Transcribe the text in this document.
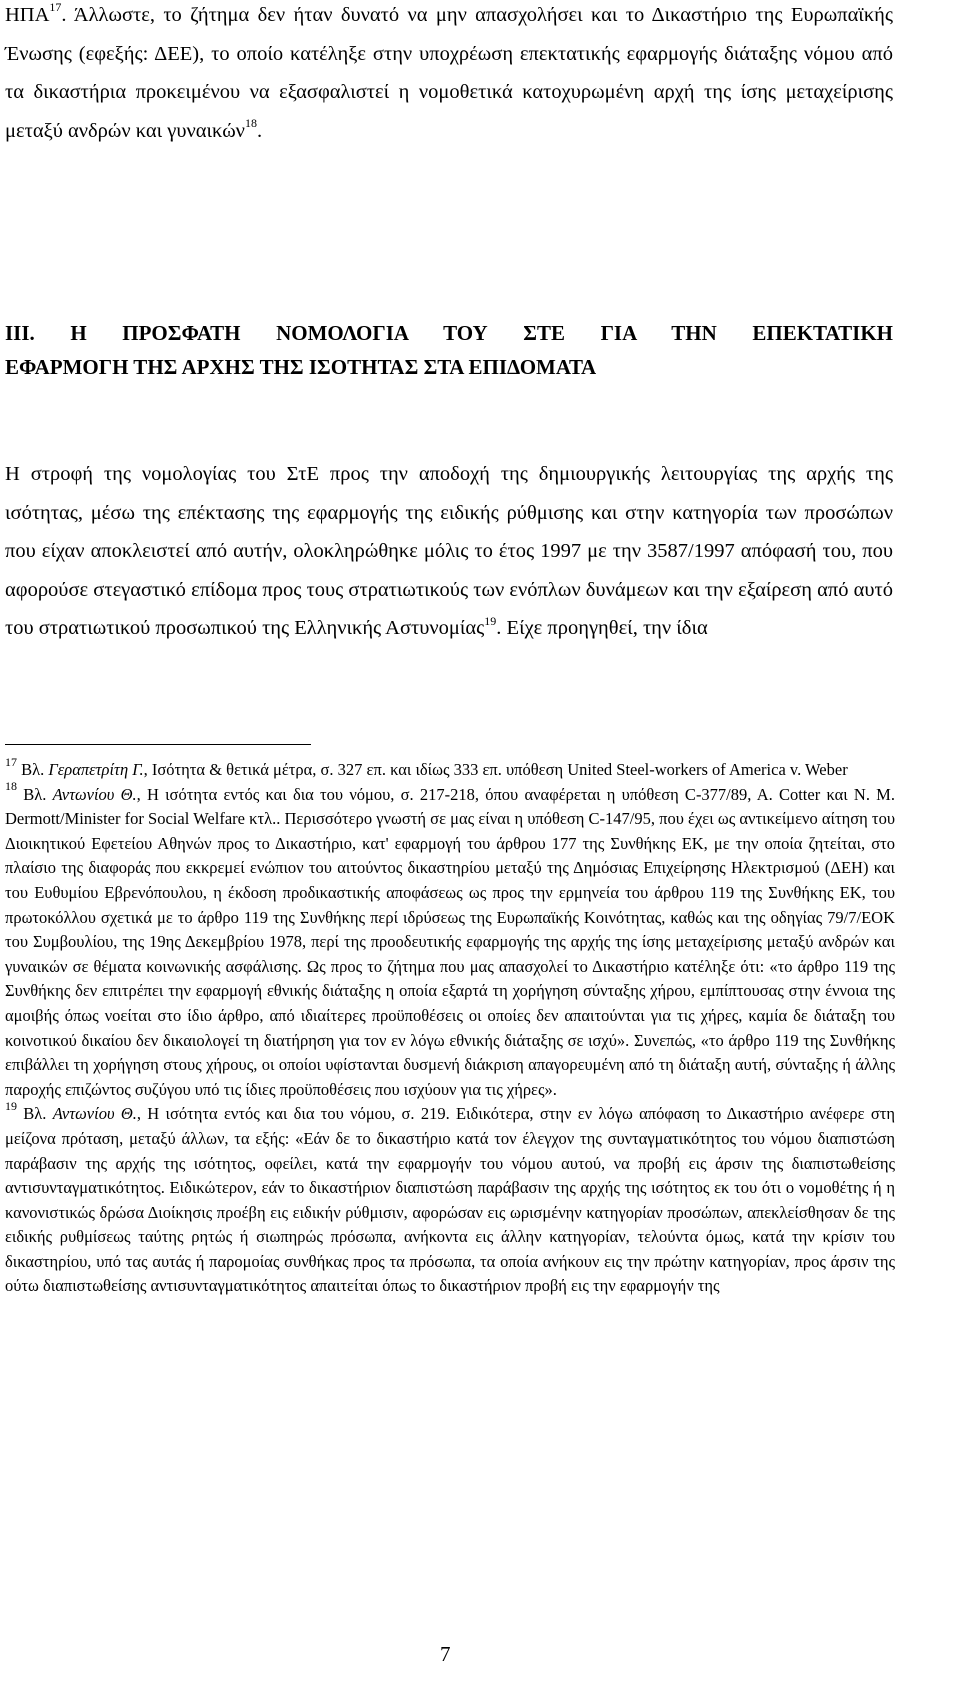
ΗΠΑ$^{17}$. Άλλωστε, το ζήτημα δεν ήταν δυνατό να μην απασχολήσει και το Δικαστήριο της Ευρωπαϊκής Ένωσης (εφεξής: ΔΕΕ), το οποίο κατέληξε στην υποχρέωση επεκτατικής εφαρμογής διάταξης νόμου από τα δικαστήρια προκειμένου να εξασφαλιστεί η νομοθετικά κατοχυρωμένη αρχή της ίσης μεταχείρισης μεταξύ ανδρών και γυναικών$^{18}$.

ΙΙΙ. Η ΠΡΟΣΦΑΤΗ ΝΟΜΟΛΟΓΙΑ ΤΟΥ ΣΤΕ ΓΙΑ ΤΗΝ ΕΠΕΚΤΑΤΙΚΗ
ΕΦΑΡΜΟΓΗ ΤΗΣ ΑΡΧΗΣ ΤΗΣ ΙΣΟΤΗΤΑΣ ΣΤΑ ΕΠΙΔΟΜΑΤΑ

Η στροφή της νομολογίας του ΣτΕ προς την αποδοχή της δημιουργικής λειτουργίας της αρχής της ισότητας, μέσω της επέκτασης της εφαρμογής της ειδικής ρύθμισης και στην κατηγορία των προσώπων που είχαν αποκλειστεί από αυτήν, ολοκληρώθηκε μόλις το έτος 1997 με την 3587/1997 απόφασή του, που αφορούσε στεγαστικό επίδομα προς τους στρατιωτικούς των ενόπλων δυνάμεων και την εξαίρεση από αυτό του στρατιωτικού προσωπικού της Ελληνικής Αστυνομίας$^{19}$. Είχε προηγηθεί, την ίδια

$^{17}$ Βλ. Γεραπετρίτη Γ., Ισότητα & θετικά μέτρα, σ. 327 επ. και ιδίως 333 επ. υπόθεση United Steel-workers of America v. Weber

$^{18}$ Βλ. Αντωνίου Θ., Η ισότητα εντός και δια του νόμου, σ. 217-218, όπου αναφέρεται η υπόθεση C-377/89, A. Cotter και N. M. Dermott/Minister for Social Welfare κτλ.. Περισσότερο γνωστή σε μας είναι η υπόθεση C-147/95, που έχει ως αντικείμενο αίτηση του Διοικητικού Εφετείου Αθηνών προς το Δικαστήριο, κατ' εφαρμογή του άρθρου 177 της Συνθήκης ΕΚ, με την οποία ζητείται, στο πλαίσιο της διαφοράς που εκκρεμεί ενώπιον του αιτούντος δικαστηρίου μεταξύ της Δημόσιας Επιχείρησης Ηλεκτρισμού (ΔΕΗ) και του Ευθυμίου Εβρενόπουλου, η έκδοση προδικαστικής αποφάσεως ως προς την ερμηνεία του άρθρου 119 της Συνθήκης ΕΚ, του πρωτοκόλλου σχετικά με το άρθρο 119 της Συνθήκης περί ιδρύσεως της Ευρωπαϊκής Κοινότητας, καθώς και της οδηγίας 79/7/ΕΟΚ του Συμβουλίου, της 19ης Δεκεμβρίου 1978, περί της προοδευτικής εφαρμογής της αρχής της ίσης μεταχείρισης μεταξύ ανδρών και γυναικών σε θέματα κοινωνικής ασφάλισης. Ως προς το ζήτημα που μας απασχολεί το Δικαστήριο κατέληξε ότι: «το άρθρο 119 της Συνθήκης δεν επιτρέπει την εφαρμογή εθνικής διάταξης η οποία εξαρτά τη χορήγηση σύνταξης χήρου, εμπίπτουσας στην έννοια της αμοιβής όπως νοείται στο ίδιο άρθρο, από ιδιαίτερες προϋποθέσεις οι οποίες δεν απαιτούνται για τις χήρες, καμία δε διάταξη του κοινοτικού δικαίου δεν δικαιολογεί τη διατήρηση για τον εν λόγω εθνικής διάταξης σε ισχύ». Συνεπώς, «το άρθρο 119 της Συνθήκης επιβάλλει τη χορήγηση στους χήρους, οι οποίοι υφίστανται δυσμενή διάκριση απαγορευμένη από τη διάταξη αυτή, σύνταξης ή άλλης παροχής επιζώντος συζύγου υπό τις ίδιες προϋποθέσεις που ισχύουν για τις χήρες».

$^{19}$ Βλ. Αντωνίου Θ., Η ισότητα εντός και δια του νόμου, σ. 219. Ειδικότερα, στην εν λόγω απόφαση το Δικαστήριο ανέφερε στη μείζονα πρόταση, μεταξύ άλλων, τα εξής: «Εάν δε το δικαστήριο κατά τον έλεγχον της συνταγματικότητος του νόμου διαπιστώση παράβασιν της αρχής της ισότητος, οφείλει, κατά την εφαρμογήν του νόμου αυτού, να προβή εις άρσιν της διαπιστωθείσης αντισυνταγματικότητος. Ειδικώτερον, εάν το δικαστήριον διαπιστώση παράβασιν της αρχής της ισότητος εκ του ότι ο νομοθέτης ή η κανονιστικώς δρώσα Διοίκησις προέβη εις ειδικήν ρύθμισιν, αφορώσαν εις ωρισμένην κατηγορίαν προσώπων, απεκλείσθησαν δε της ειδικής ρυθμίσεως ταύτης ρητώς ή σιωπηρώς πρόσωπα, ανήκοντα εις άλλην κατηγορίαν, τελούντα όμως, κατά την κρίσιν του δικαστηρίου, υπό τας αυτάς ή παρομοίας συνθήκας προς τα πρόσωπα, τα οποία ανήκουν εις την πρώτην κατηγορίαν, προς άρσιν της ούτω διαπιστωθείσης αντισυνταγματικότητος απαιτείται όπως το δικαστήριον προβή εις την εφαρμογήν της

7
